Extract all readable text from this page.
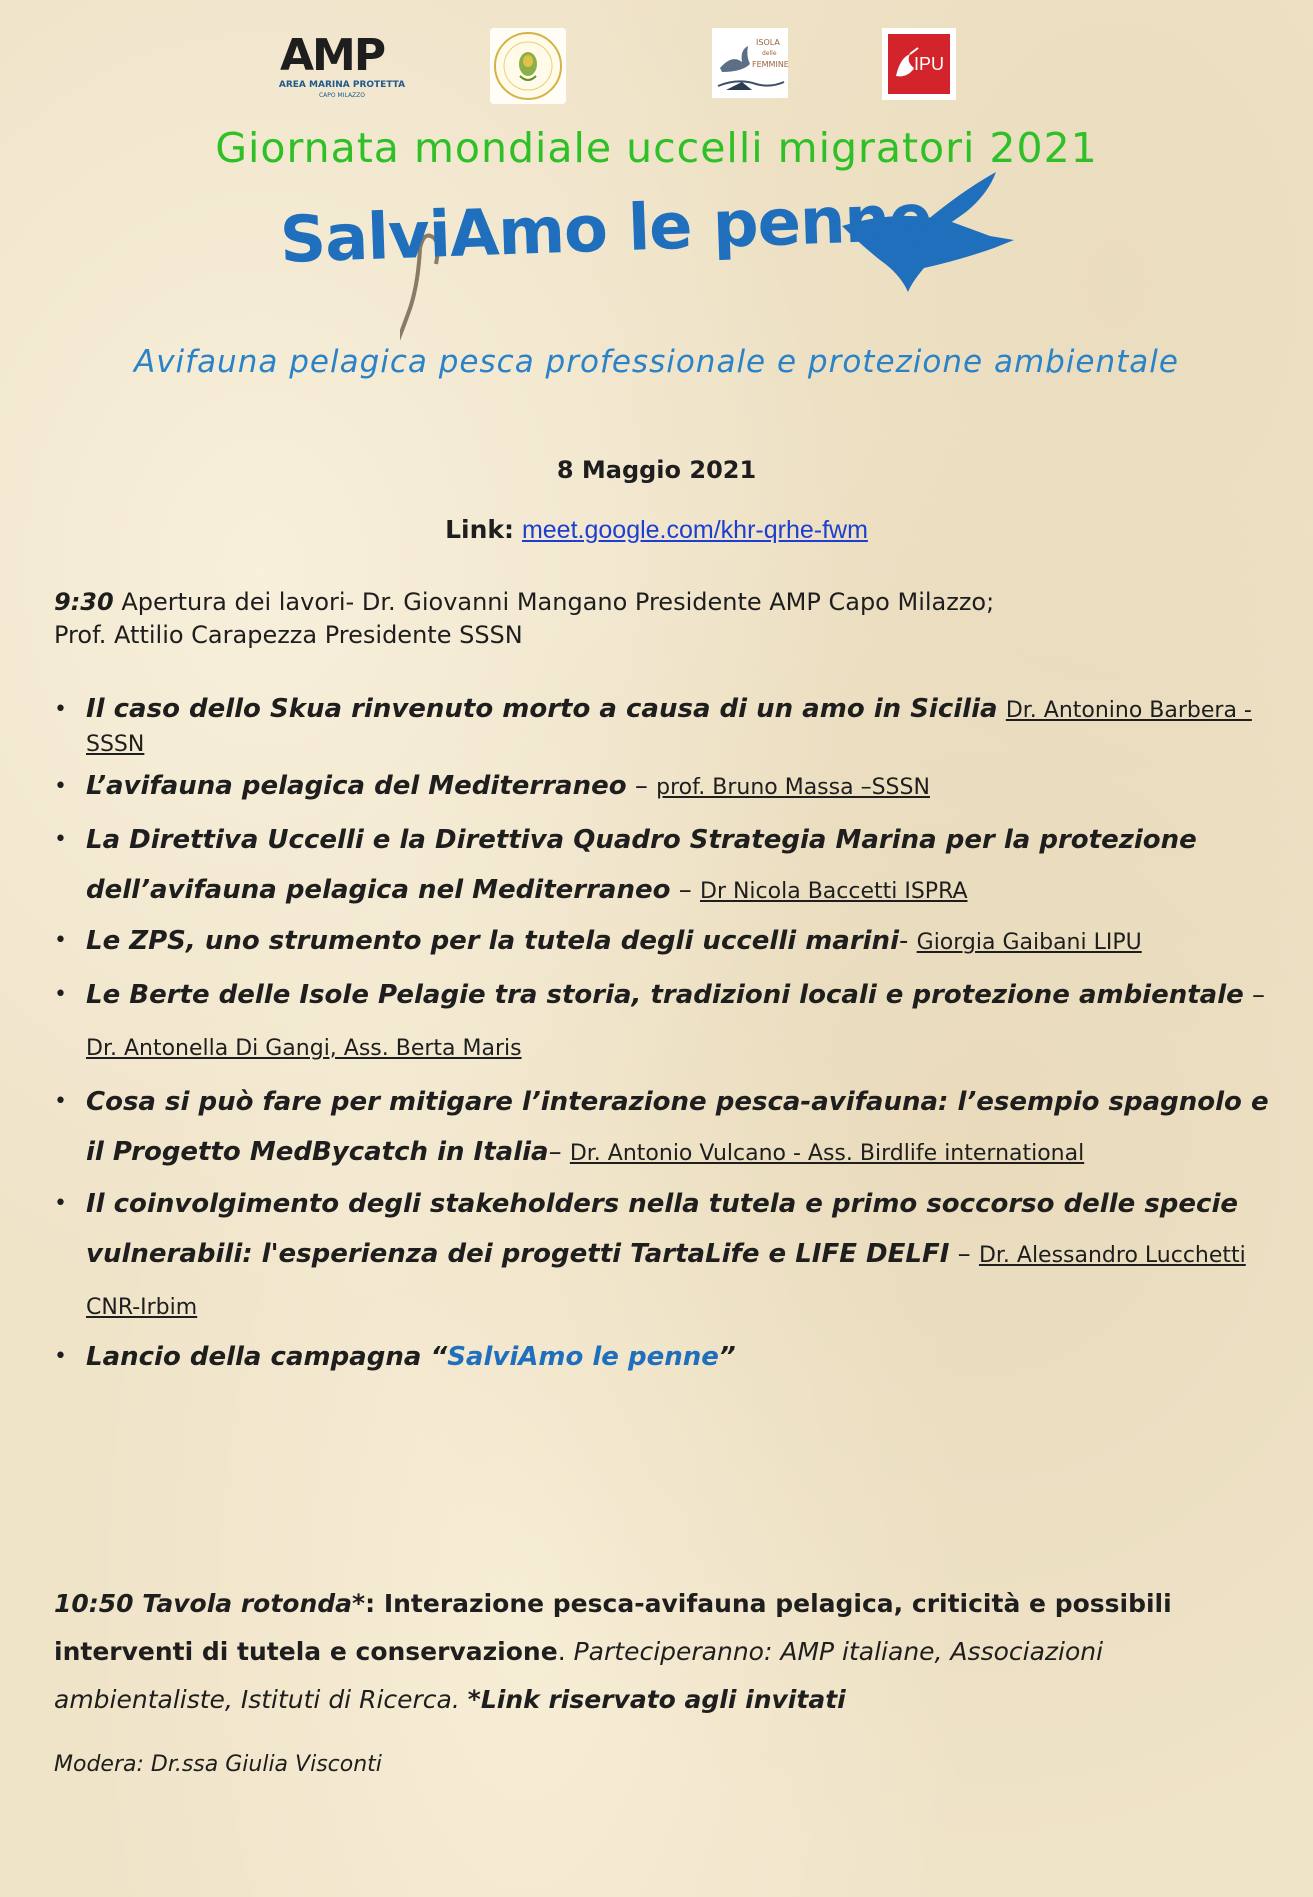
AMP
AREA MARINA PROTETTA
CAPO MILAZZO
ISOLA
delle
FEMMINE	LIPU
Giornata mondiale uccelli migratori 2021
SalviAmo le penne
Avifauna pelagica pesca professionale e protezione ambientale
8 Maggio 2021
Link: meet.google.com/khr-qrhe-fwm
9:30 Apertura dei lavori- Dr. Giovanni Mangano Presidente AMP Capo Milazzo;
Prof. Attilio Carapezza Presidente SSSN
• Il caso dello Skua rinvenuto morto a causa di un amo in Sicilia Dr. Antonino Barbera - SSSN
• L’avifauna pelagica del Mediterraneo – prof. Bruno Massa –SSSN
• La Direttiva Uccelli e la Direttiva Quadro Strategia Marina per la protezione dell’avifauna pelagica nel Mediterraneo – Dr Nicola Baccetti ISPRA
• Le ZPS, uno strumento per la tutela degli uccelli marini- Giorgia Gaibani LIPU
• Le Berte delle Isole Pelagie tra storia, tradizioni locali e protezione ambientale – Dr. Antonella Di Gangi, Ass. Berta Maris
• Cosa si può fare per mitigare l’interazione pesca-avifauna: l’esempio spagnolo e il Progetto MedBycatch in Italia– Dr. Antonio Vulcano - Ass. Birdlife international
• Il coinvolgimento degli stakeholders nella tutela e primo soccorso delle specie vulnerabili: l'esperienza dei progetti TartaLife e LIFE DELFI – Dr. Alessandro Lucchetti CNR-Irbim
• Lancio della campagna “SalviAmo le penne”
10:50 Tavola rotonda*: Interazione pesca-avifauna pelagica, criticità e possibili interventi di tutela e conservazione. Parteciperanno: AMP italiane, Associazioni ambientaliste, Istituti di Ricerca. *Link riservato agli invitati
Modera: Dr.ssa Giulia Visconti
